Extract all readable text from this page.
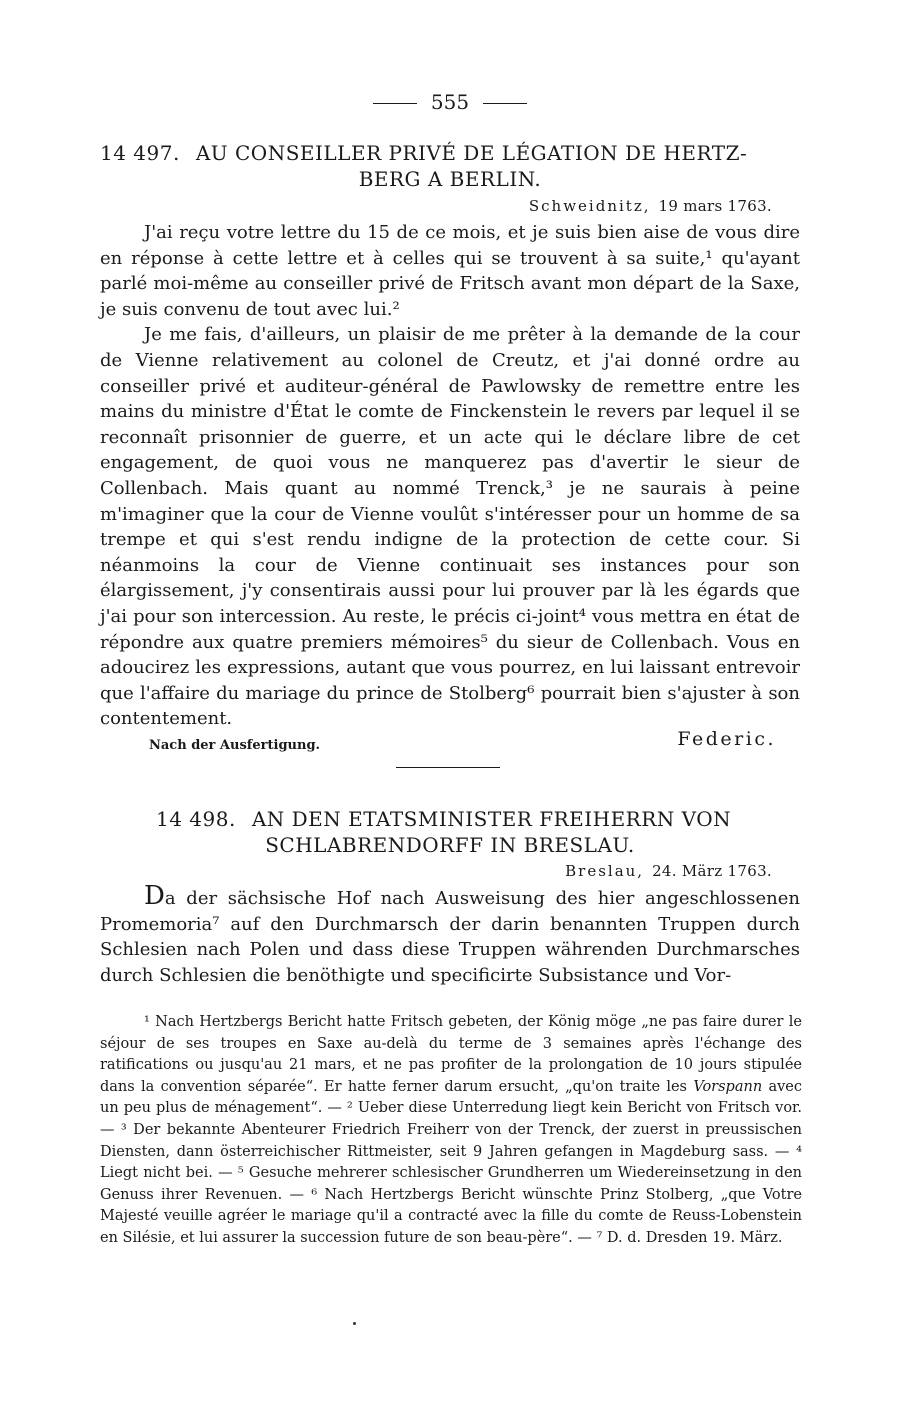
555
14 497. AU CONSEILLER PRIVÉ DE LÉGATION DE HERTZ-
BERG A BERLIN.
Schweidnitz, 19 mars 1763.

J'ai reçu votre lettre du 15 de ce mois, et je suis bien aise de vous dire en réponse à cette lettre et à celles qui se trouvent à sa suite,¹ qu'ayant parlé moi-même au conseiller privé de Fritsch avant mon départ de la Saxe, je suis convenu de tout avec lui.²

Je me fais, d'ailleurs, un plaisir de me prêter à la demande de la cour de Vienne relativement au colonel de Creutz, et j'ai donné ordre au conseiller privé et auditeur-général de Pawlowsky de remettre entre les mains du ministre d'État le comte de Finckenstein le revers par lequel il se reconnaît prisonnier de guerre, et un acte qui le déclare libre de cet engagement, de quoi vous ne manquerez pas d'avertir le sieur de Collenbach. Mais quant au nommé Trenck,³ je ne saurais à peine m'imaginer que la cour de Vienne voulût s'intéresser pour un homme de sa trempe et qui s'est rendu indigne de la protection de cette cour. Si néanmoins la cour de Vienne continuait ses instances pour son élargissement, j'y consentirais aussi pour lui prouver par là les égards que j'ai pour son intercession. Au reste, le précis ci-joint⁴ vous mettra en état de répondre aux quatre premiers mémoires⁵ du sieur de Collenbach. Vous en adoucirez les expressions, autant que vous pourrez, en lui laissant entrevoir que l'affaire du mariage du prince de Stolberg⁶ pourrait bien s'ajuster à son contentement.

Nach der Ausfertigung.	Federic.
14 498. AN DEN ETATSMINISTER FREIHERRN VON
SCHLABRENDORFF IN BRESLAU.
Breslau, 24. März 1763.

Da der sächsische Hof nach Ausweisung des hier angeschlossenen Promemoria⁷ auf den Durchmarsch der darin benannten Truppen durch Schlesien nach Polen und dass diese Truppen währenden Durchmarsches durch Schlesien die benöthigte und specificirte Subsistance und Vor-

¹ Nach Hertzbergs Bericht hatte Fritsch gebeten, der König möge „ne pas faire durer le séjour de ses troupes en Saxe au-delà du terme de 3 semaines après l'échange des ratifications ou jusqu'au 21 mars, et ne pas profiter de la prolongation de 10 jours stipulée dans la convention séparée“. Er hatte ferner darum ersucht, „qu'on traite les Vorspann avec un peu plus de ménagement“. — ² Ueber diese Unterredung liegt kein Bericht von Fritsch vor. — ³ Der bekannte Abenteurer Friedrich Freiherr von der Trenck, der zuerst in preussischen Diensten, dann österreichischer Rittmeister, seit 9 Jahren gefangen in Magdeburg sass. — ⁴ Liegt nicht bei. — ⁵ Gesuche mehrerer schlesischer Grundherren um Wiedereinsetzung in den Genuss ihrer Revenuen. — ⁶ Nach Hertzbergs Bericht wünschte Prinz Stolberg, „que Votre Majesté veuille agréer le mariage qu'il a contracté avec la fille du comte de Reuss-Lobenstein en Silésie, et lui assurer la succession future de son beau-père“. — ⁷ D. d. Dresden 19. März.
